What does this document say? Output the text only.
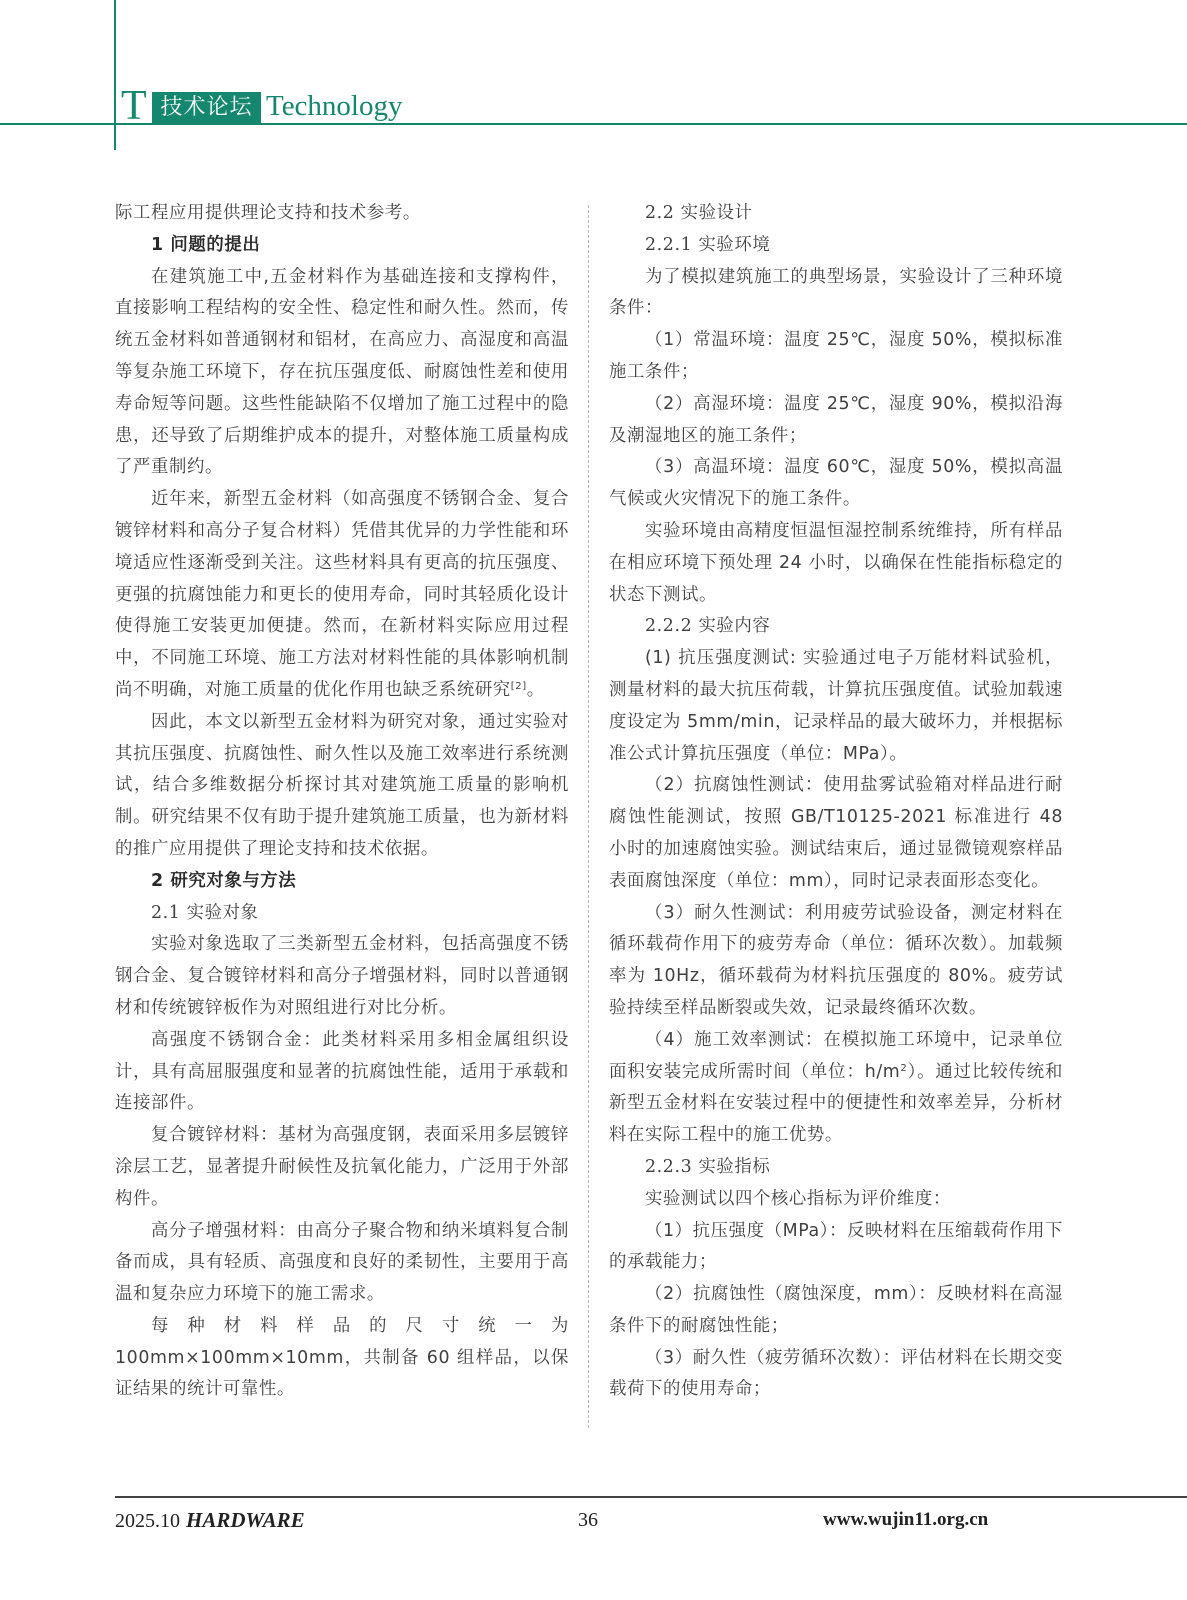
T 技术论坛 Technology

际工程应用提供理论支持和技术参考。

1 问题的提出

在建筑施工中,五金材料作为基础连接和支撑构件，直接影响工程结构的安全性、稳定性和耐久性。然而，传统五金材料如普通钢材和铝材，在高应力、高湿度和高温等复杂施工环境下，存在抗压强度低、耐腐蚀性差和使用寿命短等问题。这些性能缺陷不仅增加了施工过程中的隐患，还导致了后期维护成本的提升，对整体施工质量构成了严重制约。

近年来，新型五金材料（如高强度不锈钢合金、复合镀锌材料和高分子复合材料）凭借其优异的力学性能和环境适应性逐渐受到关注。这些材料具有更高的抗压强度、更强的抗腐蚀能力和更长的使用寿命，同时其轻质化设计使得施工安装更加便捷。然而，在新材料实际应用过程中，不同施工环境、施工方法对材料性能的具体影响机制尚不明确，对施工质量的优化作用也缺乏系统研究[2]。

因此，本文以新型五金材料为研究对象，通过实验对其抗压强度、抗腐蚀性、耐久性以及施工效率进行系统测试，结合多维数据分析探讨其对建筑施工质量的影响机制。研究结果不仅有助于提升建筑施工质量，也为新材料的推广应用提供了理论支持和技术依据。

2 研究对象与方法

2.1 实验对象

实验对象选取了三类新型五金材料，包括高强度不锈钢合金、复合镀锌材料和高分子增强材料，同时以普通钢材和传统镀锌板作为对照组进行对比分析。

高强度不锈钢合金：此类材料采用多相金属组织设计，具有高屈服强度和显著的抗腐蚀性能，适用于承载和连接部件。

复合镀锌材料：基材为高强度钢，表面采用多层镀锌涂层工艺，显著提升耐候性及抗氧化能力，广泛用于外部构件。

高分子增强材料：由高分子聚合物和纳米填料复合制备而成，具有轻质、高强度和良好的柔韧性，主要用于高温和复杂应力环境下的施工需求。

每种材料样品的尺寸统一为100mm×100mm×10mm，共制备 60 组样品，以保证结果的统计可靠性。

2.2 实验设计

2.2.1 实验环境

为了模拟建筑施工的典型场景，实验设计了三种环境条件：

（1）常温环境：温度 25℃，湿度 50%，模拟标准施工条件；

（2）高湿环境：温度 25℃，湿度 90%，模拟沿海及潮湿地区的施工条件；

（3）高温环境：温度 60℃，湿度 50%，模拟高温气候或火灾情况下的施工条件。

实验环境由高精度恒温恒湿控制系统维持，所有样品在相应环境下预处理 24 小时，以确保在性能指标稳定的状态下测试。

2.2.2 实验内容

(1) 抗压强度测试: 实验通过电子万能材料试验机，测量材料的最大抗压荷载，计算抗压强度值。试验加载速度设定为 5mm/min，记录样品的最大破坏力，并根据标准公式计算抗压强度（单位：MPa）。

（2）抗腐蚀性测试：使用盐雾试验箱对样品进行耐腐蚀性能测试，按照 GB/T10125-2021 标准进行 48 小时的加速腐蚀实验。测试结束后，通过显微镜观察样品表面腐蚀深度（单位：mm），同时记录表面形态变化。

（3）耐久性测试：利用疲劳试验设备，测定材料在循环载荷作用下的疲劳寿命（单位：循环次数）。加载频率为 10Hz，循环载荷为材料抗压强度的 80%。疲劳试验持续至样品断裂或失效，记录最终循环次数。

（4）施工效率测试：在模拟施工环境中，记录单位面积安装完成所需时间（单位：$h/m^2$）。通过比较传统和新型五金材料在安装过程中的便捷性和效率差异，分析材料在实际工程中的施工优势。

2.2.3 实验指标

实验测试以四个核心指标为评价维度：

（1）抗压强度（MPa）：反映材料在压缩载荷作用下的承载能力；

（2）抗腐蚀性（腐蚀深度，mm）：反映材料在高湿条件下的耐腐蚀性能；

（3）耐久性（疲劳循环次数）：评估材料在长期交变载荷下的使用寿命；

2025.10 HARDWARE	36	www.wujin11.org.cn
